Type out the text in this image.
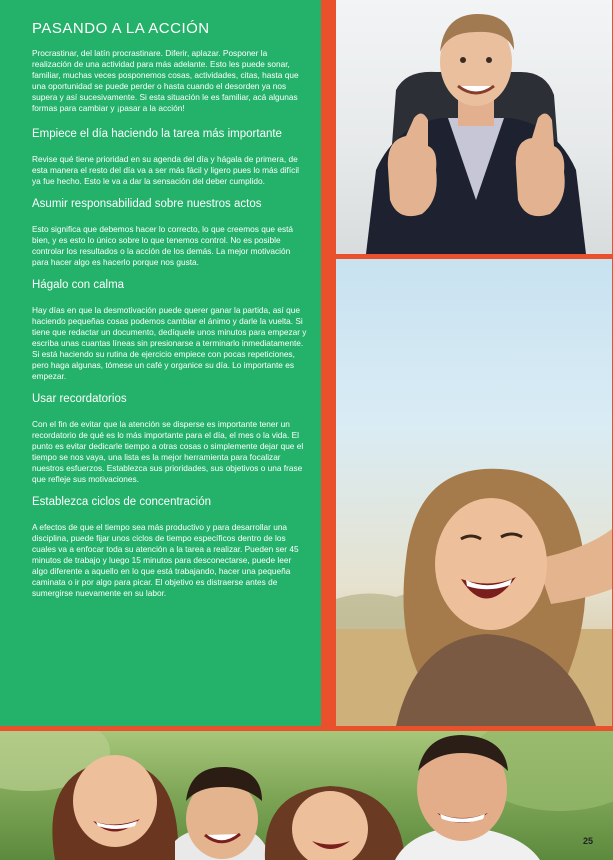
PASANDO A LA ACCIÓN

Procrastinar, del latín procrastinare. Diferir, aplazar. Posponer la realización de una actividad para más adelante. Esto les puede sonar, familiar, muchas veces posponemos cosas, actividades, citas, hasta que una oportunidad se puede perder o hasta cuando el desorden ya nos supera y así sucesivamente. Si esta situación le es familiar, acá algunas formas para cambiar y ¡pasar a la acción!

Empiece el día haciendo la tarea más importante

Revise qué tiene prioridad en su agenda del día y hágala de primera, de esta manera el resto del día va a ser más fácil y ligero pues lo más difícil ya fue hecho. Esto le va a dar la sensación del deber cumplido.

Asumir responsabilidad sobre nuestros actos

Esto significa que debemos hacer lo correcto, lo que creemos que está bien, y es esto lo único sobre lo que tenemos control. No es posible controlar los resultados o la acción de los demás. La mejor motivación para hacer algo es hacerlo porque nos gusta.

Hágalo con calma

Hay días en que la desmotivación puede querer ganar la partida, así que haciendo pequeñas cosas podemos cambiar el ánimo y darle la vuelta. Si tiene que redactar un documento, dedíquele unos minutos para empezar y escriba unas cuantas líneas sin presionarse a terminarlo inmediatamente. Si está haciendo su rutina de ejercicio empiece con pocas repeticiones, pero haga algunas, tómese un café y organice su día. Lo importante es empezar.

Usar recordatorios

Con el fin de evitar que la atención se disperse es importante tener un recordatorio de qué es lo más importante para el día, el mes o la vida. El punto es evitar dedicarle tiempo a otras cosas o simplemente dejar que el tiempo se nos vaya, una lista es la mejor herramienta para focalizar nuestros esfuerzos. Establezca sus prioridades, sus objetivos o una frase que refleje sus motivaciones.

Establezca ciclos de concentración

A efectos de que el tiempo sea más productivo y para desarrollar una disciplina, puede fijar unos ciclos de tiempo específicos dentro de los cuales va a enfocar toda su atención a la tarea a realizar. Pueden ser 45 minutos de trabajo y luego 15 minutos para desconectarse, puede leer algo diferente a aquello en lo que está trabajando, hacer una pequeña caminata o ir por algo para picar. El objetivo es distraerse antes de sumergirse nuevamente en su labor.

25
